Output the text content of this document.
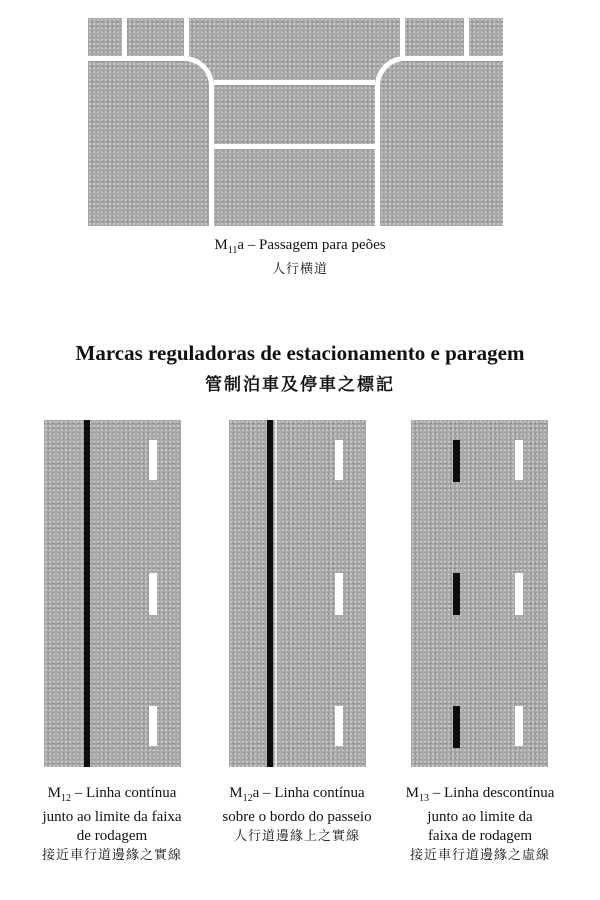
$M_{11}a$ – Passagem para peões
人行横道
Marcas reguladoras de estacionamento e paragem
管制泊車及停車之標記
$M_{12}$ – Linha contínua
junto ao limite da faixa
de rodagem
接近車行道邊緣之實線
$M_{12}a$ – Linha contínua
sobre o bordo do passeio
人行道邊緣上之實線
$M_{13}$ – Linha descontínua
junto ao limite da
faixa de rodagem
接近車行道邊緣之虛線
